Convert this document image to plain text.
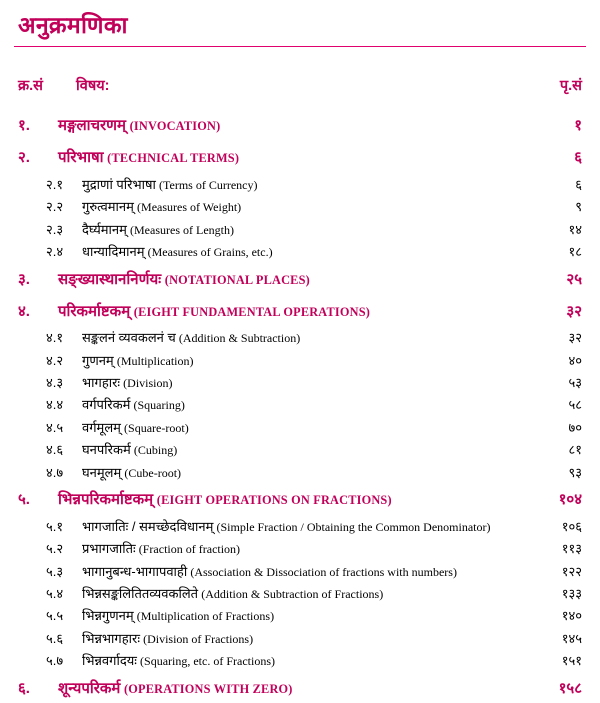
अनुक्रमणिका
क्र.सं	विषय:	पृ.सं
१.	मङ्गलाचरणम् (INVOCATION)	१
२.	परिभाषा (TECHNICAL TERMS)	६
२.१	मुद्राणां परिभाषा (Terms of Currency)	६
२.२	गुरुत्वमानम् (Measures of Weight)	९
२.३	दैर्घ्यमानम् (Measures of Length)	१४
२.४	धान्यादिमानम् (Measures of Grains, etc.)	१८
३.	सङ्ख्यास्थाननिर्णयः (NOTATIONAL PLACES)	२५
४.	परिकर्माष्टकम् (EIGHT FUNDAMENTAL OPERATIONS)	३२
४.१	सङ्कलनं व्यवकलनं च (Addition & Subtraction)	३२
४.२	गुणनम् (Multiplication)	४०
४.३	भागहारः (Division)	५३
४.४	वर्गपरिकर्म (Squaring)	५८
४.५	वर्गमूलम् (Square-root)	७०
४.६	घनपरिकर्म (Cubing)	८१
४.७	घनमूलम् (Cube-root)	९३
५.	भिन्नपरिकर्माष्टकम् (EIGHT OPERATIONS ON FRACTIONS)	१०४
५.१	भागजातिः / समच्छेदविधानम् (Simple Fraction / Obtaining the Common Denominator)	१०६
५.२	प्रभागजातिः (Fraction of fraction)	११३
५.३	भागानुबन्ध-भागापवाही (Association & Dissociation of fractions with numbers)	१२२
५.४	भिन्नसङ्कलितितव्यवकलिते (Addition & Subtraction of Fractions)	१३३
५.५	भिन्नगुणनम् (Multiplication of Fractions)	१४०
५.६	भिन्नभागहारः (Division of Fractions)	१४५
५.७	भिन्नवर्गादयः (Squaring, etc. of Fractions)	१५१
६.	शून्यपरिकर्म (OPERATIONS WITH ZERO)	१५८
